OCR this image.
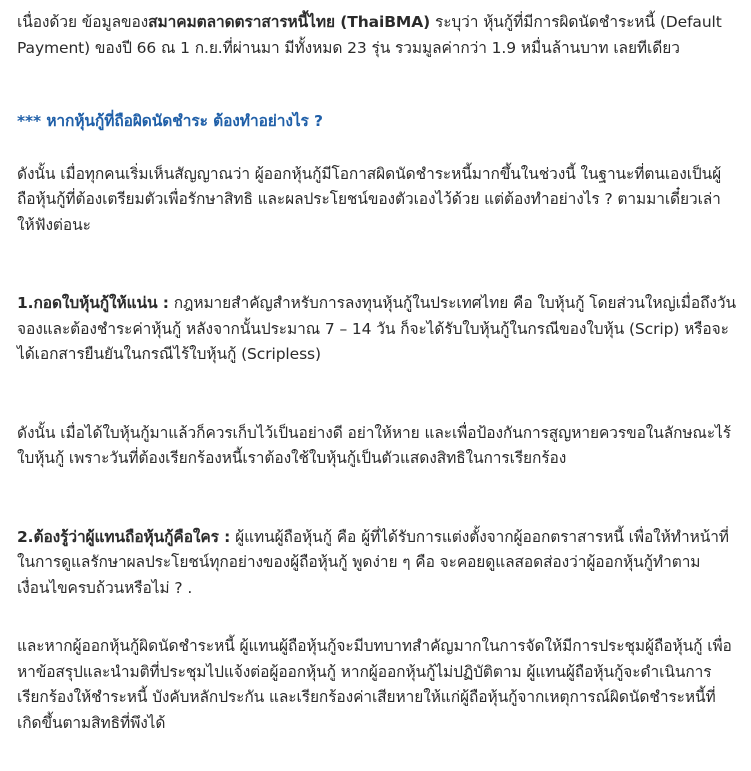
เนื่องด้วย ข้อมูลของสมาคมตลาดตราสารหนี้ไทย (ThaiBMA) ระบุว่า หุ้นกู้ที่มีการผิดนัดชำระหนี้ (Default Payment) ของปี 66 ณ 1 ก.ย.ที่ผ่านมา มีทั้งหมด 23 รุ่น รวมมูลค่ากว่า 1.9 หมื่นล้านบาท เลยทีเดียว

*** หากหุ้นกู้ที่ถือผิดนัดชำระ ต้องทำอย่างไร ?

ดังนั้น เมื่อทุกคนเริ่มเห็นสัญญาณว่า ผู้ออกหุ้นกู้มีโอกาสผิดนัดชำระหนี้มากขึ้นในช่วงนี้ ในฐานะที่ตนเองเป็นผู้ถือหุ้นกู้ที่ต้องเตรียมตัวเพื่อรักษาสิทธิ และผลประโยชน์ของตัวเองไว้ด้วย แต่ต้องทำอย่างไร ? ตามมาเดี๋ยวเล่าให้ฟังต่อนะ

1.กอดใบหุ้นกู้ให้แน่น : กฎหมายสำคัญสำหรับการลงทุนหุ้นกู้ในประเทศไทย คือ ใบหุ้นกู้ โดยส่วนใหญ่เมื่อถึงวันจองและต้องชำระค่าหุ้นกู้ หลังจากนั้นประมาณ 7 – 14 วัน ก็จะได้รับใบหุ้นกู้ในกรณีของใบหุ้น (Scrip) หรือจะได้เอกสารยืนยันในกรณีไร้ใบหุ้นกู้ (Scripless)

ดังนั้น เมื่อได้ใบหุ้นกู้มาแล้วก็ควรเก็บไว้เป็นอย่างดี อย่าให้หาย และเพื่อป้องกันการสูญหายควรขอในลักษณะไร้ใบหุ้นกู้ เพราะวันที่ต้องเรียกร้องหนี้เราต้องใช้ใบหุ้นกู้เป็นตัวแสดงสิทธิในการเรียกร้อง

2.ต้องรู้ว่าผู้แทนถือหุ้นกู้คือใคร : ผู้แทนผู้ถือหุ้นกู้ คือ ผู้ที่ได้รับการแต่งตั้งจากผู้ออกตราสารหนี้ เพื่อให้ทำหน้าที่ในการดูแลรักษาผลประโยชน์ทุกอย่างของผู้ถือหุ้นกู้ พูดง่าย ๆ คือ จะคอยดูแลสอดส่องว่าผู้ออกหุ้นกู้ทำตามเงื่อนไขครบถ้วนหรือไม่ ? .

และหากผู้ออกหุ้นกู้ผิดนัดชำระหนี้ ผู้แทนผู้ถือหุ้นกู้จะมีบทบาทสำคัญมากในการจัดให้มีการประชุมผู้ถือหุ้นกู้ เพื่อหาข้อสรุปและนำมติที่ประชุมไปแจ้งต่อผู้ออกหุ้นกู้ หากผู้ออกหุ้นกู้ไม่ปฏิบัติตาม ผู้แทนผู้ถือหุ้นกู้จะดำเนินการเรียกร้องให้ชำระหนี้ บังคับหลักประกัน และเรียกร้องค่าเสียหายให้แก่ผู้ถือหุ้นกู้จากเหตุการณ์ผิดนัดชำระหนี้ที่เกิดขึ้นตามสิทธิที่พึงได้
